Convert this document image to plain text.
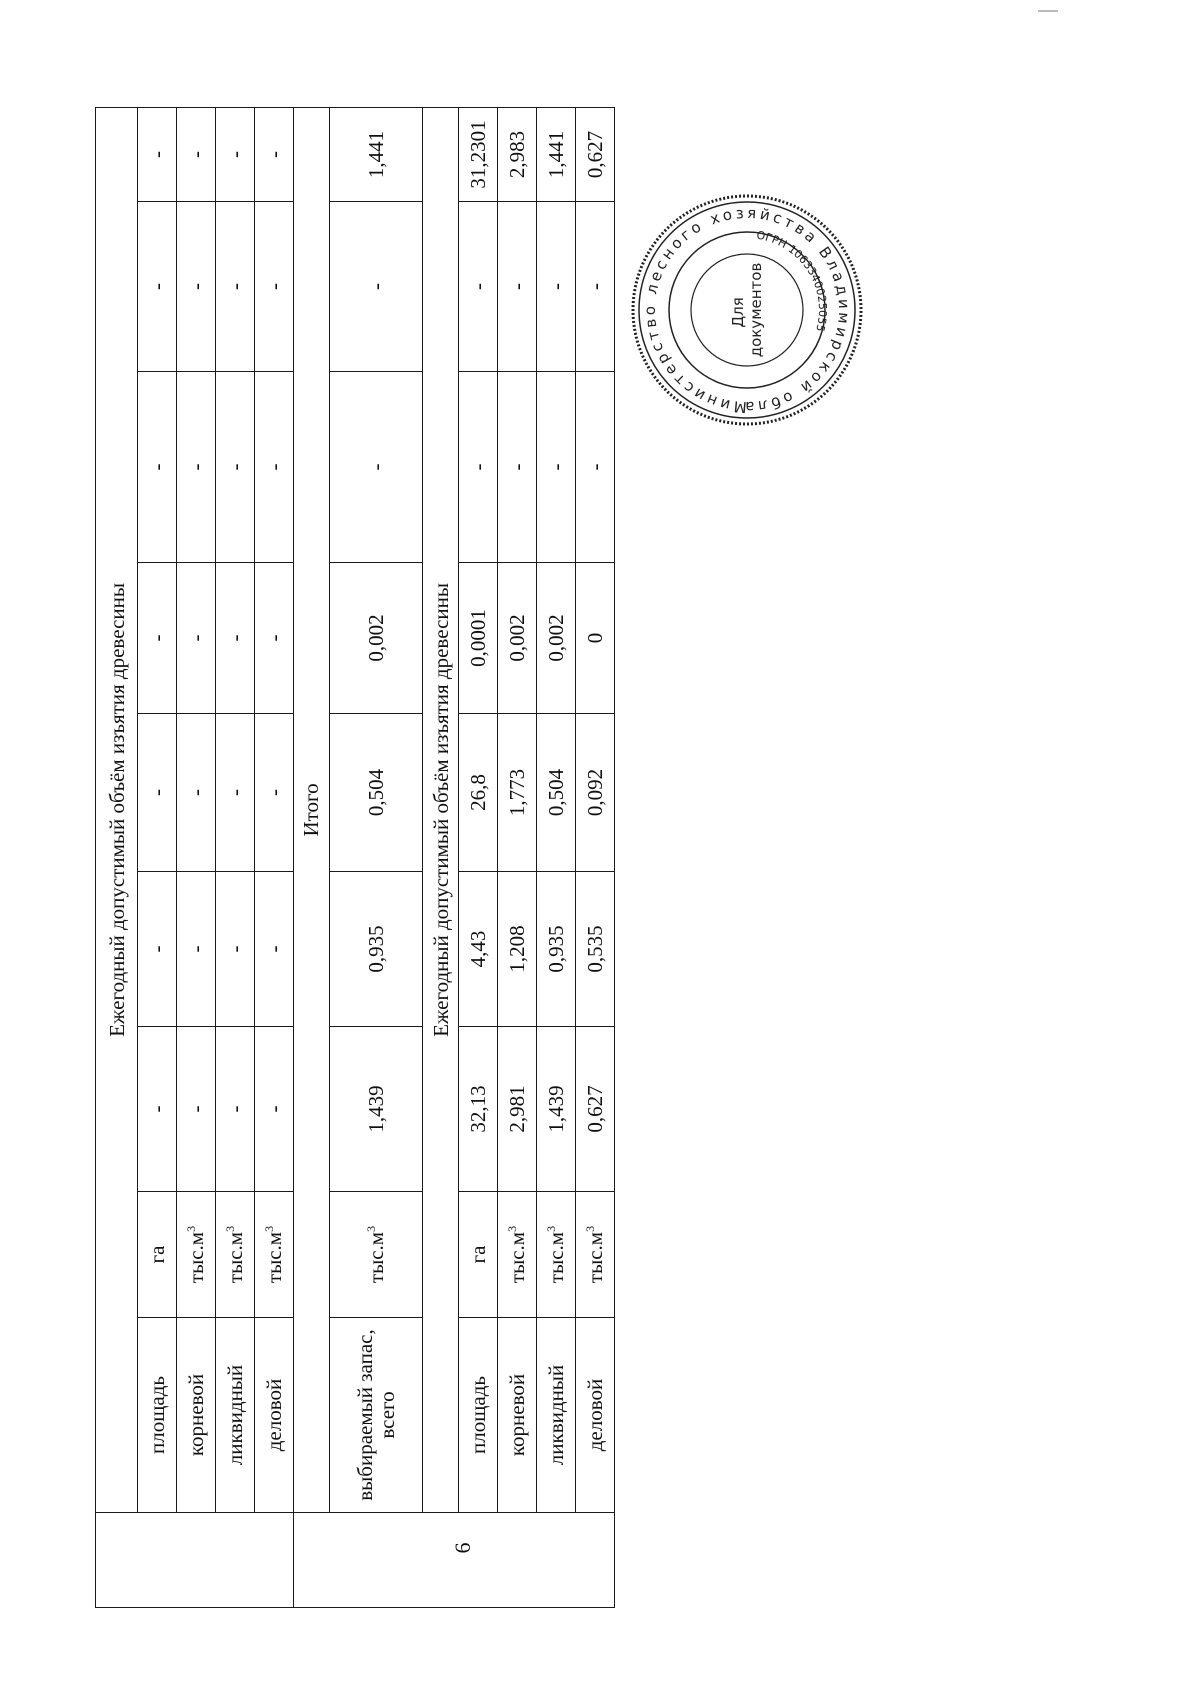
	Ежегодный допустимый объём изъятия древесины								
	площадь	га	-	-	-	-	-	-	-
	корневой	$тыс.м^3$	-	-	-	-	-	-	-
	ликвидный	$тыс.м^3$	-	-	-	-	-	-	-
	деловой	$тыс.м^3$	-	-	-	-	-	-	-
	Итого								
	выбираемый запас, всего	$тыс.м^3$	1,439	0,935	0,504	0,002	-	-	1,441
	Ежегодный допустимый объём изъятия древесины								
	площадь	га	32,13	4,43	26,8	0,0001	-	-	31,2301
	корневой	$тыс.м^3$	2,981	1,208	1,773	0,002	-	-	2,983
	ликвидный	$тыс.м^3$	1,439	0,935	0,504	0,002	-	-	1,441
	деловой	$тыс.м^3$	0,627	0,535	0,092	0	-	-	0,627
6
Министерство лесного хозяйства Владимирской обла
ОГРН 1063340025055
Для документов
